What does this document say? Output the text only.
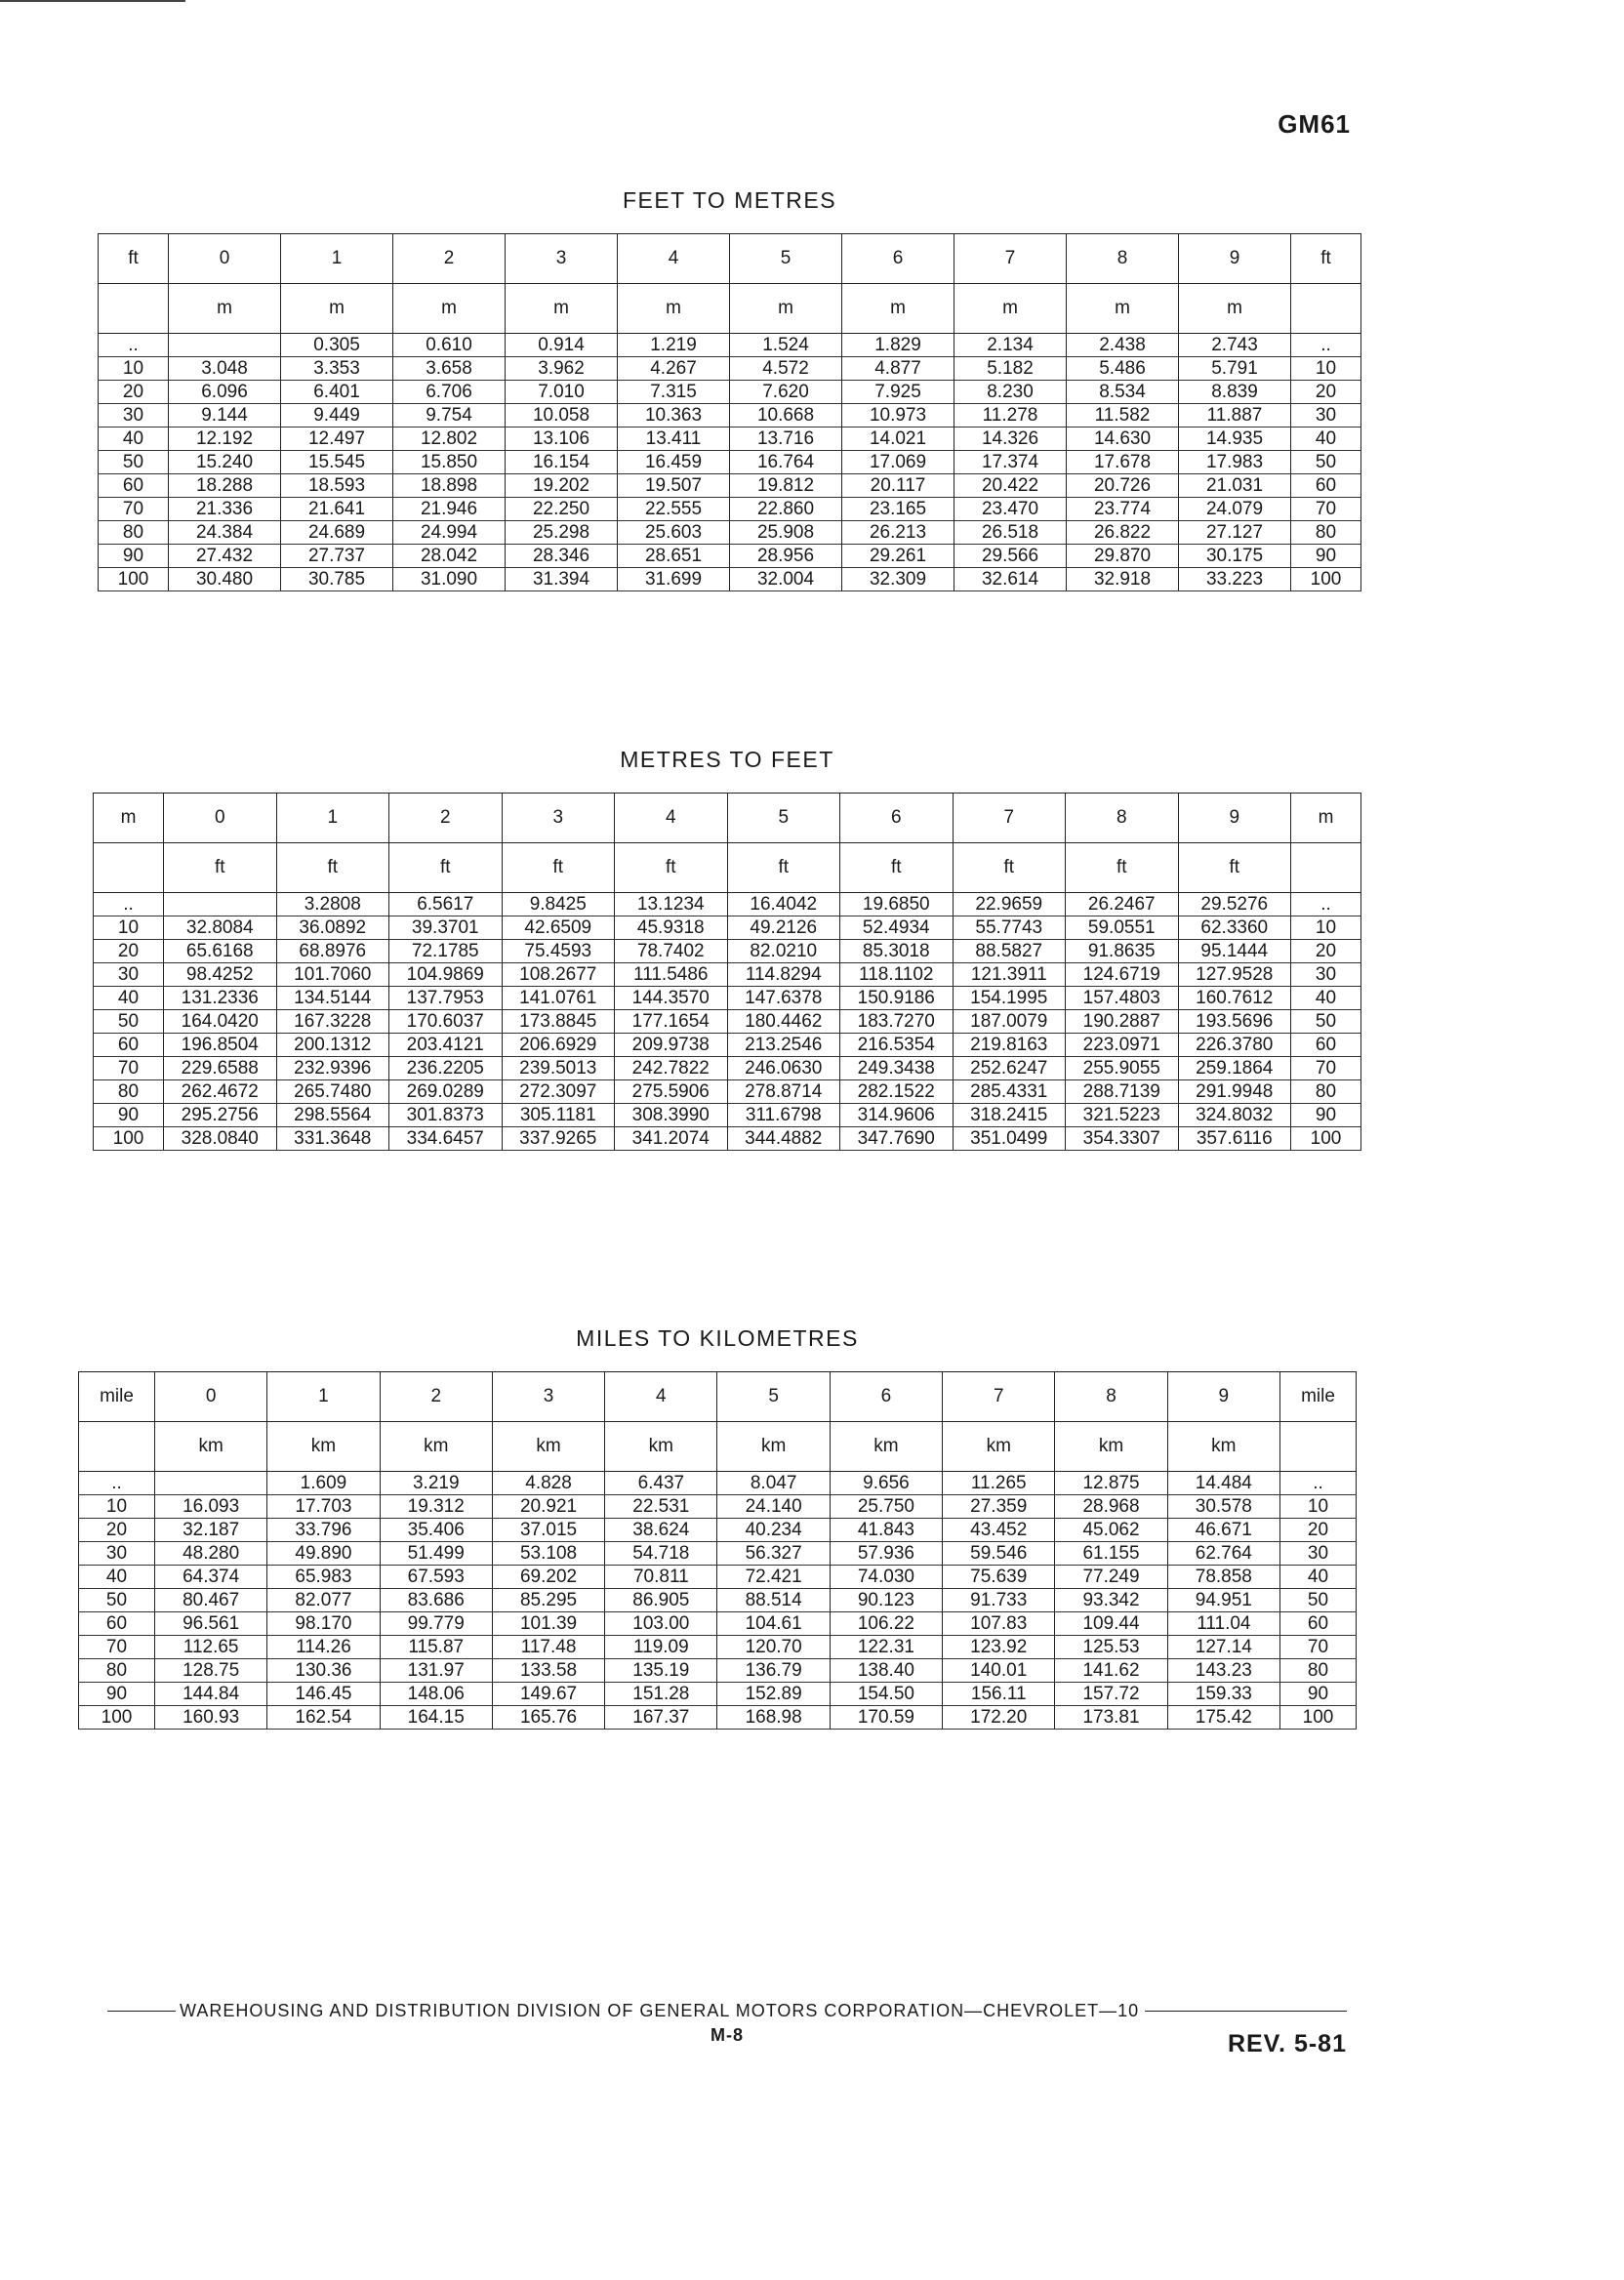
GM61
FEET TO METRES
ft	0	1	2	3	4	5	6	7	8	9	ft
	m	m	m	m	m	m	m	m	m	m	
..		0.305	0.610	0.914	1.219	1.524	1.829	2.134	2.438	2.743	..
10	3.048	3.353	3.658	3.962	4.267	4.572	4.877	5.182	5.486	5.791	10
20	6.096	6.401	6.706	7.010	7.315	7.620	7.925	8.230	8.534	8.839	20
30	9.144	9.449	9.754	10.058	10.363	10.668	10.973	11.278	11.582	11.887	30
40	12.192	12.497	12.802	13.106	13.411	13.716	14.021	14.326	14.630	14.935	40
50	15.240	15.545	15.850	16.154	16.459	16.764	17.069	17.374	17.678	17.983	50
60	18.288	18.593	18.898	19.202	19.507	19.812	20.117	20.422	20.726	21.031	60
70	21.336	21.641	21.946	22.250	22.555	22.860	23.165	23.470	23.774	24.079	70
80	24.384	24.689	24.994	25.298	25.603	25.908	26.213	26.518	26.822	27.127	80
90	27.432	27.737	28.042	28.346	28.651	28.956	29.261	29.566	29.870	30.175	90
100	30.480	30.785	31.090	31.394	31.699	32.004	32.309	32.614	32.918	33.223	100
METRES TO FEET
m	0	1	2	3	4	5	6	7	8	9	m
	ft	ft	ft	ft	ft	ft	ft	ft	ft	ft	
..		3.2808	6.5617	9.8425	13.1234	16.4042	19.6850	22.9659	26.2467	29.5276	..
10	32.8084	36.0892	39.3701	42.6509	45.9318	49.2126	52.4934	55.7743	59.0551	62.3360	10
20	65.6168	68.8976	72.1785	75.4593	78.7402	82.0210	85.3018	88.5827	91.8635	95.1444	20
30	98.4252	101.7060	104.9869	108.2677	111.5486	114.8294	118.1102	121.3911	124.6719	127.9528	30
40	131.2336	134.5144	137.7953	141.0761	144.3570	147.6378	150.9186	154.1995	157.4803	160.7612	40
50	164.0420	167.3228	170.6037	173.8845	177.1654	180.4462	183.7270	187.0079	190.2887	193.5696	50
60	196.8504	200.1312	203.4121	206.6929	209.9738	213.2546	216.5354	219.8163	223.0971	226.3780	60
70	229.6588	232.9396	236.2205	239.5013	242.7822	246.0630	249.3438	252.6247	255.9055	259.1864	70
80	262.4672	265.7480	269.0289	272.3097	275.5906	278.8714	282.1522	285.4331	288.7139	291.9948	80
90	295.2756	298.5564	301.8373	305.1181	308.3990	311.6798	314.9606	318.2415	321.5223	324.8032	90
100	328.0840	331.3648	334.6457	337.9265	341.2074	344.4882	347.7690	351.0499	354.3307	357.6116	100
MILES TO KILOMETRES
mile	0	1	2	3	4	5	6	7	8	9	mile
	km	km	km	km	km	km	km	km	km	km	
..		1.609	3.219	4.828	6.437	8.047	9.656	11.265	12.875	14.484	..
10	16.093	17.703	19.312	20.921	22.531	24.140	25.750	27.359	28.968	30.578	10
20	32.187	33.796	35.406	37.015	38.624	40.234	41.843	43.452	45.062	46.671	20
30	48.280	49.890	51.499	53.108	54.718	56.327	57.936	59.546	61.155	62.764	30
40	64.374	65.983	67.593	69.202	70.811	72.421	74.030	75.639	77.249	78.858	40
50	80.467	82.077	83.686	85.295	86.905	88.514	90.123	91.733	93.342	94.951	50
60	96.561	98.170	99.779	101.39	103.00	104.61	106.22	107.83	109.44	111.04	60
70	112.65	114.26	115.87	117.48	119.09	120.70	122.31	123.92	125.53	127.14	70
80	128.75	130.36	131.97	133.58	135.19	136.79	138.40	140.01	141.62	143.23	80
90	144.84	146.45	148.06	149.67	151.28	152.89	154.50	156.11	157.72	159.33	90
100	160.93	162.54	164.15	165.76	167.37	168.98	170.59	172.20	173.81	175.42	100
WAREHOUSING AND DISTRIBUTION DIVISION OF GENERAL MOTORS CORPORATION—CHEVROLET—10
M-8	REV. 5-81
